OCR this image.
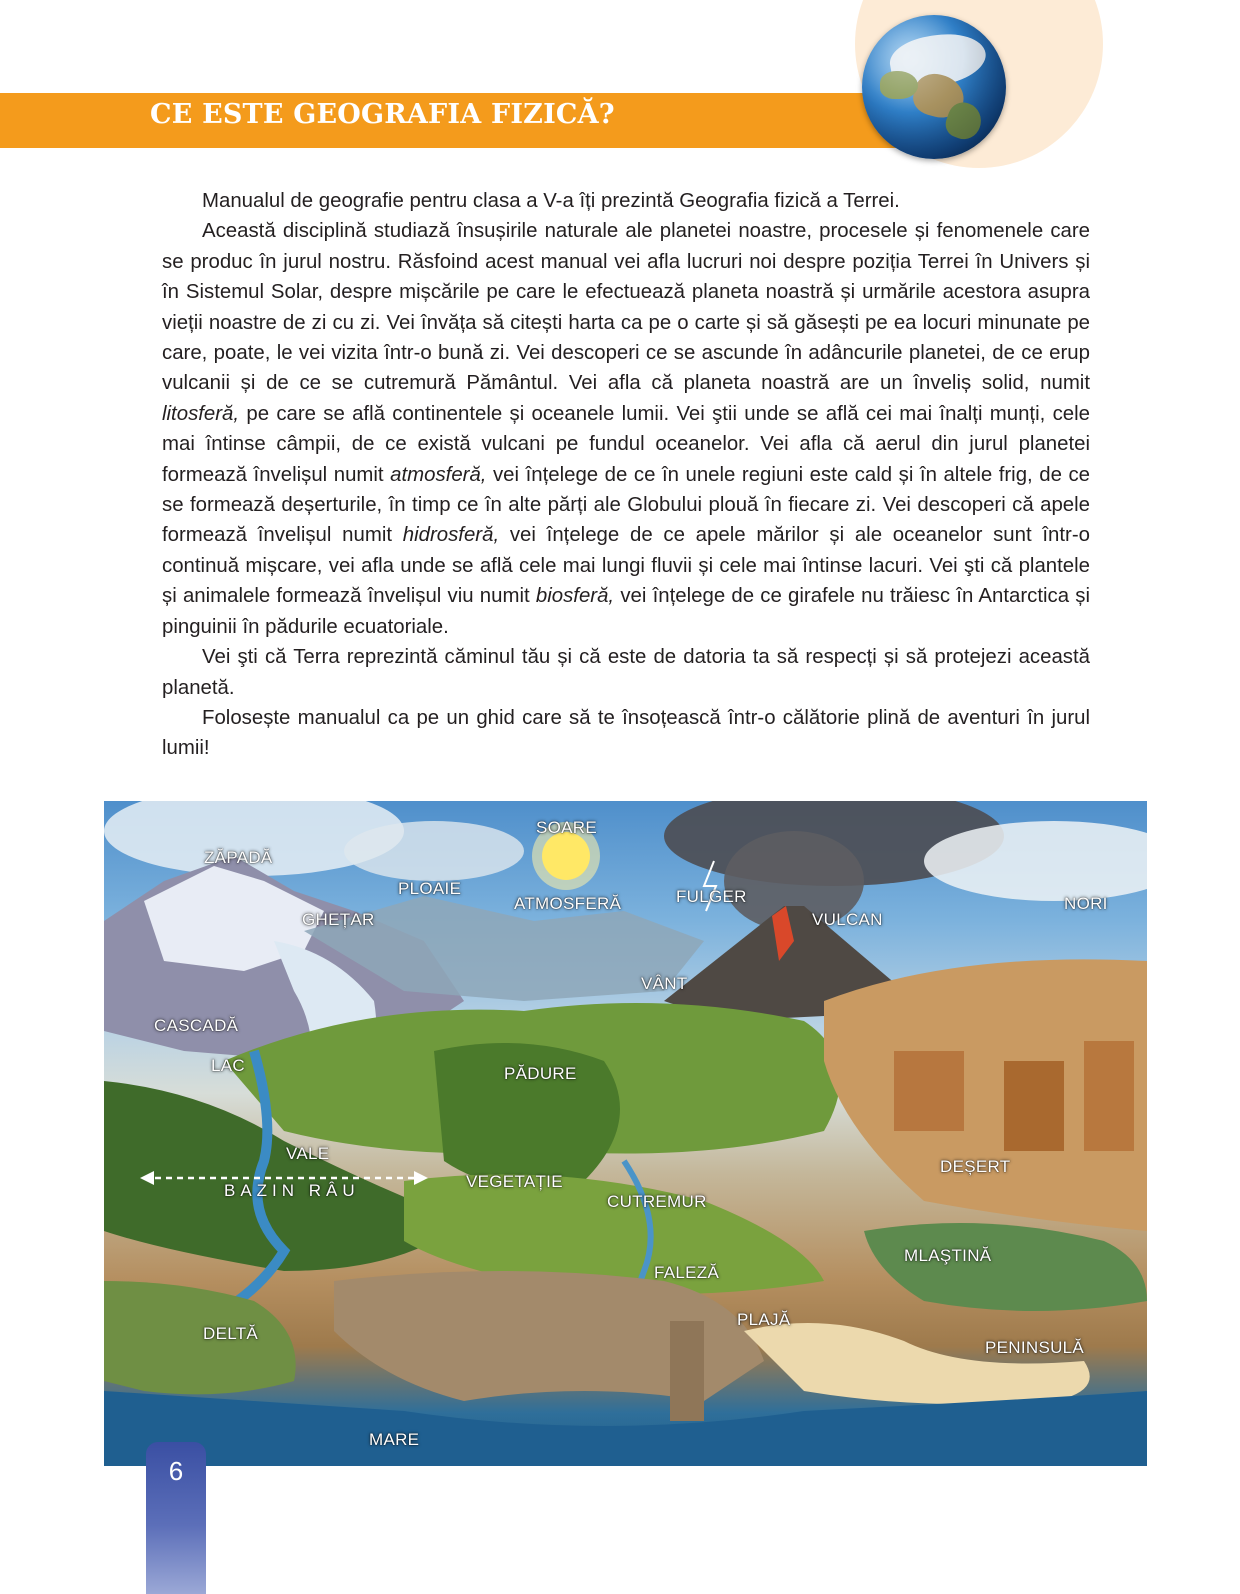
CE ESTE GEOGRAFIA FIZICĂ?

Manualul de geografie pentru clasa a V-a îți prezintă Geografia fizică a Terrei.

Această disciplină studiază însușirile naturale ale planetei noastre, procesele și fenomenele care se produc în jurul nostru. Răsfoind acest manual vei afla lucruri noi despre poziția Terrei în Univers și în Sistemul Solar, despre mișcările pe care le efectuează planeta noastră și urmările acestora asupra vieții noastre de zi cu zi. Vei învăța să citești harta ca pe o carte și să găsești pe ea locuri minunate pe care, poate, le vei vizita într-o bună zi. Vei descoperi ce se ascunde în adâncurile planetei, de ce erup vulcanii și de ce se cutremură Pământul. Vei afla că planeta noastră are un înveliș solid, numit litosferă, pe care se află continentele și oceanele lumii. Vei ştii unde se află cei mai înalți munți, cele mai întinse câmpii, de ce există vulcani pe fundul oceanelor. Vei afla că aerul din jurul planetei formează învelișul numit atmosferă, vei înțelege de ce în unele regiuni este cald și în altele frig, de ce se formează deșerturile, în timp ce în alte părți ale Globului plouă în fiecare zi. Vei descoperi că apele formează învelișul numit hidrosferă, vei înțelege de ce apele mărilor și ale oceanelor sunt într-o continuă mișcare, vei afla unde se află cele mai lungi fluvii și cele mai întinse lacuri. Vei şti că plantele și animalele formează învelișul viu numit biosferă, vei înțelege de ce girafele nu trăiesc în Antarctica și pinguinii în pădurile ecuatoriale.

Vei şti că Terra reprezintă căminul tău și că este de datoria ta să respecți și să protejezi această planetă.

Folosește manualul ca pe un ghid care să te însoțească într-o călătorie plină de aventuri în jurul lumii!

SOARE
ZĂPADĂ
PLOAIE
GHEȚAR
ATMOSFERĂ	FULGER
VULCAN
NORI
VÂNT
CASCADĂ
LAC	PĂDURE
VALE
BAZIN RÂU	VEGETAȚIE
CUTREMUR
DEȘERT
MLAŞTINĂ
FALEZĂ
PLAJĂ
DELTĂ
PENINSULĂ
MARE
6
